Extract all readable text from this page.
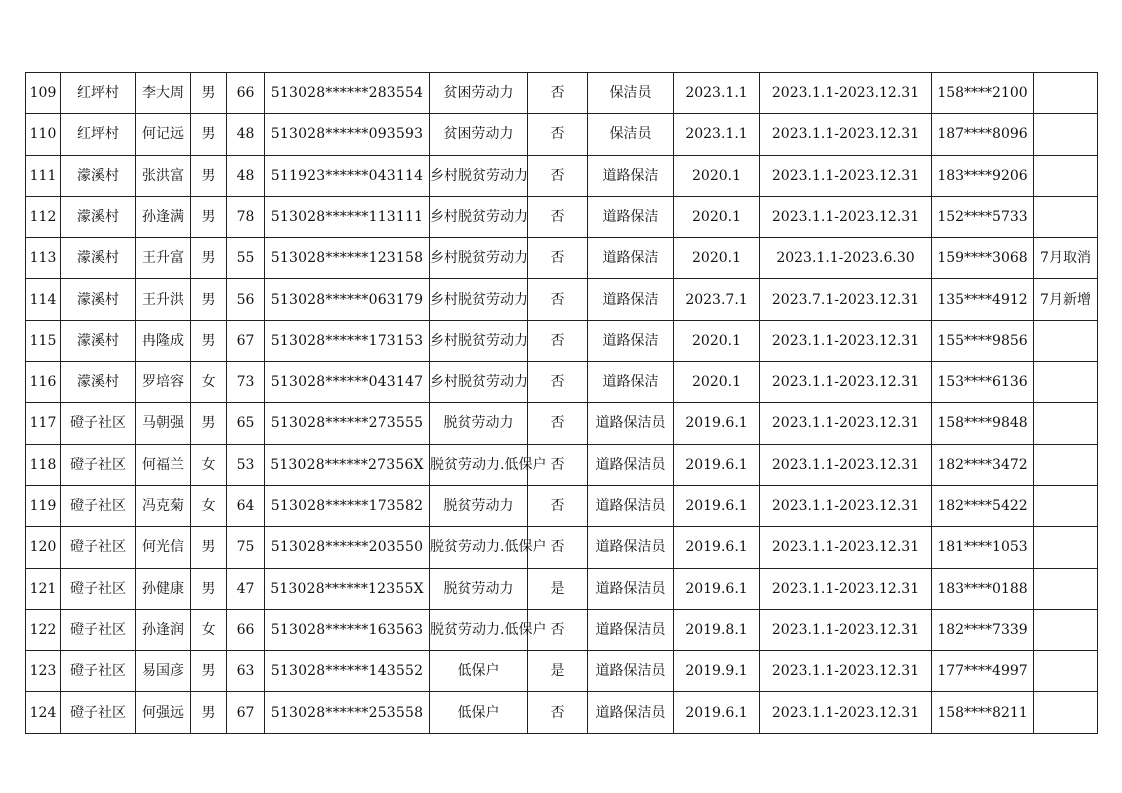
109	红坪村	李大周	男	66	513028******283554	贫困劳动力	否	保洁员	2023.1.1	2023.1.1-2023.12.31	158****2100	
110	红坪村	何记远	男	48	513028******093593	贫困劳动力	否	保洁员	2023.1.1	2023.1.1-2023.12.31	187****8096	
111	濛溪村	张洪富	男	48	511923******043114	乡村脱贫劳动力	否	道路保洁	2020.1	2023.1.1-2023.12.31	183****9206	
112	濛溪村	孙逢满	男	78	513028******113111	乡村脱贫劳动力	否	道路保洁	2020.1	2023.1.1-2023.12.31	152****5733	
113	濛溪村	王升富	男	55	513028******123158	乡村脱贫劳动力	否	道路保洁	2020.1	2023.1.1-2023.6.30	159****3068	7月取消
114	濛溪村	王升洪	男	56	513028******063179	乡村脱贫劳动力	否	道路保洁	2023.7.1	2023.7.1-2023.12.31	135****4912	7月新增
115	濛溪村	冉隆成	男	67	513028******173153	乡村脱贫劳动力	否	道路保洁	2020.1	2023.1.1-2023.12.31	155****9856	
116	濛溪村	罗培容	女	73	513028******043147	乡村脱贫劳动力	否	道路保洁	2020.1	2023.1.1-2023.12.31	153****6136	
117	磴子社区	马朝强	男	65	513028******273555	脱贫劳动力	否	道路保洁员	2019.6.1	2023.1.1-2023.12.31	158****9848	
118	磴子社区	何福兰	女	53	513028******27356X	脱贫劳动力.低保户	否	道路保洁员	2019.6.1	2023.1.1-2023.12.31	182****3472	
119	磴子社区	冯克菊	女	64	513028******173582	脱贫劳动力	否	道路保洁员	2019.6.1	2023.1.1-2023.12.31	182****5422	
120	磴子社区	何光信	男	75	513028******203550	脱贫劳动力.低保户	否	道路保洁员	2019.6.1	2023.1.1-2023.12.31	181****1053	
121	磴子社区	孙健康	男	47	513028******12355X	脱贫劳动力	是	道路保洁员	2019.6.1	2023.1.1-2023.12.31	183****0188	
122	磴子社区	孙逢润	女	66	513028******163563	脱贫劳动力.低保户	否	道路保洁员	2019.8.1	2023.1.1-2023.12.31	182****7339	
123	磴子社区	易国彦	男	63	513028******143552	低保户	是	道路保洁员	2019.9.1	2023.1.1-2023.12.31	177****4997	
124	磴子社区	何强远	男	67	513028******253558	低保户	否	道路保洁员	2019.6.1	2023.1.1-2023.12.31	158****8211	
